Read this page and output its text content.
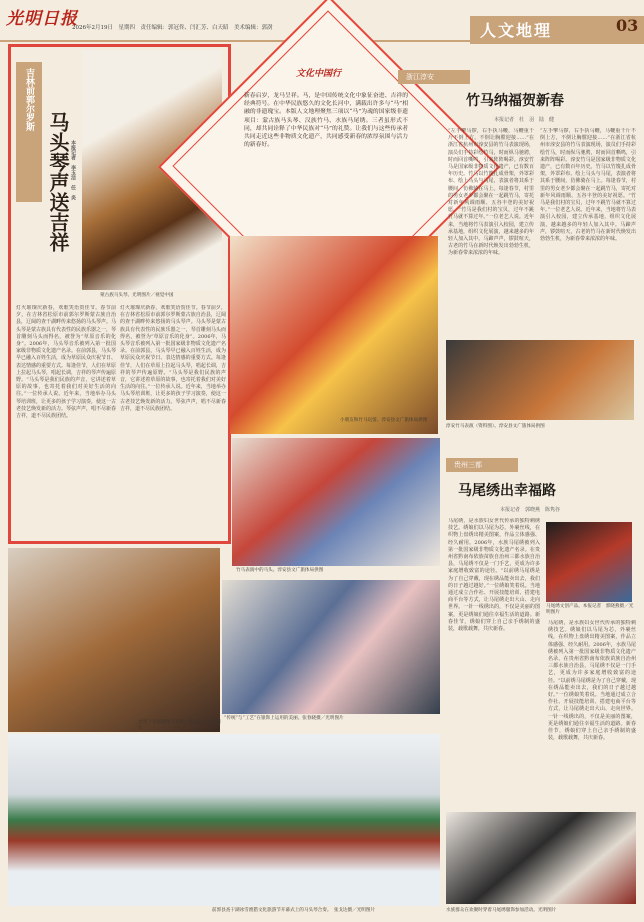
光明日报
2026年2月19日　星期四　责任编辑：郭冠佟、闫汇芳、白天昭　美术编辑：郭澍	人文地理	03
吉林前郭尔罗斯
马头琴声送吉祥 本报记者　李玉洁　任　炎
蒙古族马头琴。光明图片／视觉中国
灯火璀璨庆新春，欢歌笑语贺佳节。春节前夕，在吉林省松原市前郭尔罗斯蒙古族自治县，辽阔的查干湖畔传来悠扬的马头琴声。马头琴是蒙古族具有代表性的民族乐器之一，琴首雕刻马头而得名，被誉为“草原音乐的化身”。2006年，马头琴音乐被列入第一批国家级非物质文化遗产名录。在前郭县，马头琴早已融入百姓生活，成为草原民众庆祝节日、表达情感的重要方式。每逢佳节，人们在草原上拉起马头琴，唱起长调，吉祥的琴声传遍原野。“马头琴是我们民族的声音，它讲述着草原的故事，也寄托着我们对美好生活的向往。”一位传承人说。近年来，当地举办马头琴培训班，让更多的孩子学习演奏，使这一古老技艺焕发新的活力。琴弦声声，唱不尽新春吉祥，道不尽民族团结。
灯火璀璨庆新春，欢歌笑语贺佳节。春节前夕，在吉林省松原市前郭尔罗斯蒙古族自治县，辽阔的查干湖畔传来悠扬的马头琴声。马头琴是蒙古族具有代表性的民族乐器之一，琴首雕刻马头而得名，被誉为“草原音乐的化身”。2006年，马头琴音乐被列入第一批国家级非物质文化遗产名录。在前郭县，马头琴早已融入百姓生活，成为草原民众庆祝节日、表达情感的重要方式。每逢佳节，人们在草原上拉起马头琴，唱起长调，吉祥的琴声传遍原野。“马头琴是我们民族的声音，它讲述着草原的故事，也寄托着我们对美好生活的向往。”一位传承人说。近年来，当地举办马头琴培训班，让更多的孩子学习演奏，使这一古老技艺焕发新的活力。琴弦声声，唱不尽新春吉祥，道不尽民族团结。
文化中国行
新春启岁，龙马呈祥。马，是中国传统文化中象征奋进、吉祥的经典符号。在中华民族悠久的文化长河中，满载出许多与“马”相融的非遗瑰宝。本版人文地理聚焦三项以“马”为魂的国家级非遗项目：蒙古族马头琴、汉族竹马、水族马尾绣。三者虽形式不同，却共同诠释了中华民族对“马”的礼赞。让我们与这些传承者共同走近这些非物质文化遗产，共同感受新春的浓厚氛围与活力的新春好。
浙江淳安
竹马纳福贺新春
本报记者　杜　羽　陆　健
“左手擎马锣，右手执马鞭，马鞭重千斤不倒上方，不倒让胸膛迎接……”在浙江省杭州市淳安县的竹马表演现场，演员们手持彩绘竹马，时而纵马驰骋，时而回首嘶鸣，引来阵阵喝彩。淳安竹马是国家级非物质文化遗产，已有数百年历史。竹马以竹篾扎成骨架，外罩彩布、绘上马头与马尾，表演者将其系于腰间，仿佛骑在马上。每逢春节，村里的男女老少都会聚在一起跳竹马，寄托对新年风调雨顺、五谷丰登的美好祝愿。“竹马是我们村的宝贝，过年不跳竹马就不算过年。”一位老艺人说。近年来，当地将竹马表演引入校园，建立传承基地，组织文化展演，越来越多的年轻人加入其中。马蹄声声，锣鼓喧天，古老的竹马在新时代焕发出勃勃生机，为新春带来浓浓的年味。
“左手擎马锣，右手执马鞭，马鞭重千斤不倒上方，不倒让胸膛迎接……”在浙江省杭州市淳安县的竹马表演现场，演员们手持彩绘竹马，时而纵马驰骋，时而回首嘶鸣，引来阵阵喝彩。淳安竹马是国家级非物质文化遗产，已有数百年历史。竹马以竹篾扎成骨架，外罩彩布、绘上马头与马尾，表演者将其系于腰间，仿佛骑在马上。每逢春节，村里的男女老少都会聚在一起跳竹马，寄托对新年风调雨顺、五谷丰登的美好祝愿。“竹马是我们村的宝贝，过年不跳竹马就不算过年。”一位老艺人说。近年来，当地将竹马表演引入校园，建立传承基地，组织文化展演，越来越多的年轻人加入其中。马蹄声声，锣鼓喧天，古老的竹马在新时代焕发出勃勃生机，为新春带来浓浓的年味。
小朋友和竹马玩耍。淳安县文广旅体局供图
淳安竹马表演（资料图）。淳安县文广旅体局供图
竹马表演中的马头。淳安县文广旅体局供图
贵州三都
马尾绣出幸福路
本报记者　郭晓燕　陈隽谷
马尾绣，是水族妇女世代传承的独特刺绣技艺。绣娘们以马尾为芯，外裹丝线，在织物上盘绣出精美图案，作品立体感强、经久耐用。2006年，水族马尾绣被列入第一批国家级非物质文化遗产名录。在贵州省黔南布依族苗族自治州三都水族自治县，马尾绣不仅是一门手艺，更成为许多家庭增收致富的途径。“以前绣马尾绣是为了自己穿戴，现在绣品能卖出去，我们的日子越过越好。”一位绣娘笑着说。当地通过成立合作社、开展技能培训、搭建电商平台等方式，让马尾绣走出大山、走向世界。一针一线绣出的，不仅是美丽的图案，更是绣娘们通往幸福生活的道路。新春佳节，绣娘们穿上自己亲手绣制的盛装，载歌载舞，共庆新春。
马尾绣文创产品。本报记者　郭晓燕摄／光明图片
马尾绣，是水族妇女世代传承的独特刺绣技艺。绣娘们以马尾为芯，外裹丝线，在织物上盘绣出精美图案，作品立体感强、经久耐用。2006年，水族马尾绣被列入第一批国家级非物质文化遗产名录。在贵州省黔南布依族苗族自治州三都水族自治县，马尾绣不仅是一门手艺，更成为许多家庭增收致富的途径。“以前绣马尾绣是为了自己穿戴，现在绣品能卖出去，我们的日子越过越好。”一位绣娘笑着说。当地通过成立合作社、开展技能培训、搭建电商平台等方式，让马尾绣走出大山、走向世界。一针一线绣出的，不仅是美丽的图案，更是绣娘们通往幸福生活的道路。新春佳节，绣娘们穿上自己亲手绣制的盛装，载歌载舞，共庆新春。
水族群众在欢聚时穿着马尾绣服饰参加活动。光明图片
台湾兰寺面制作马头琴。富山摄／光明图片
“传统”与“工艺”在银饰上运用的美丽。张春晓摄／光明图片
前郭县查干湖冰雪渔猎文化旅游节开幕式上的马头琴合奏。　张戈达摄／光明图片
